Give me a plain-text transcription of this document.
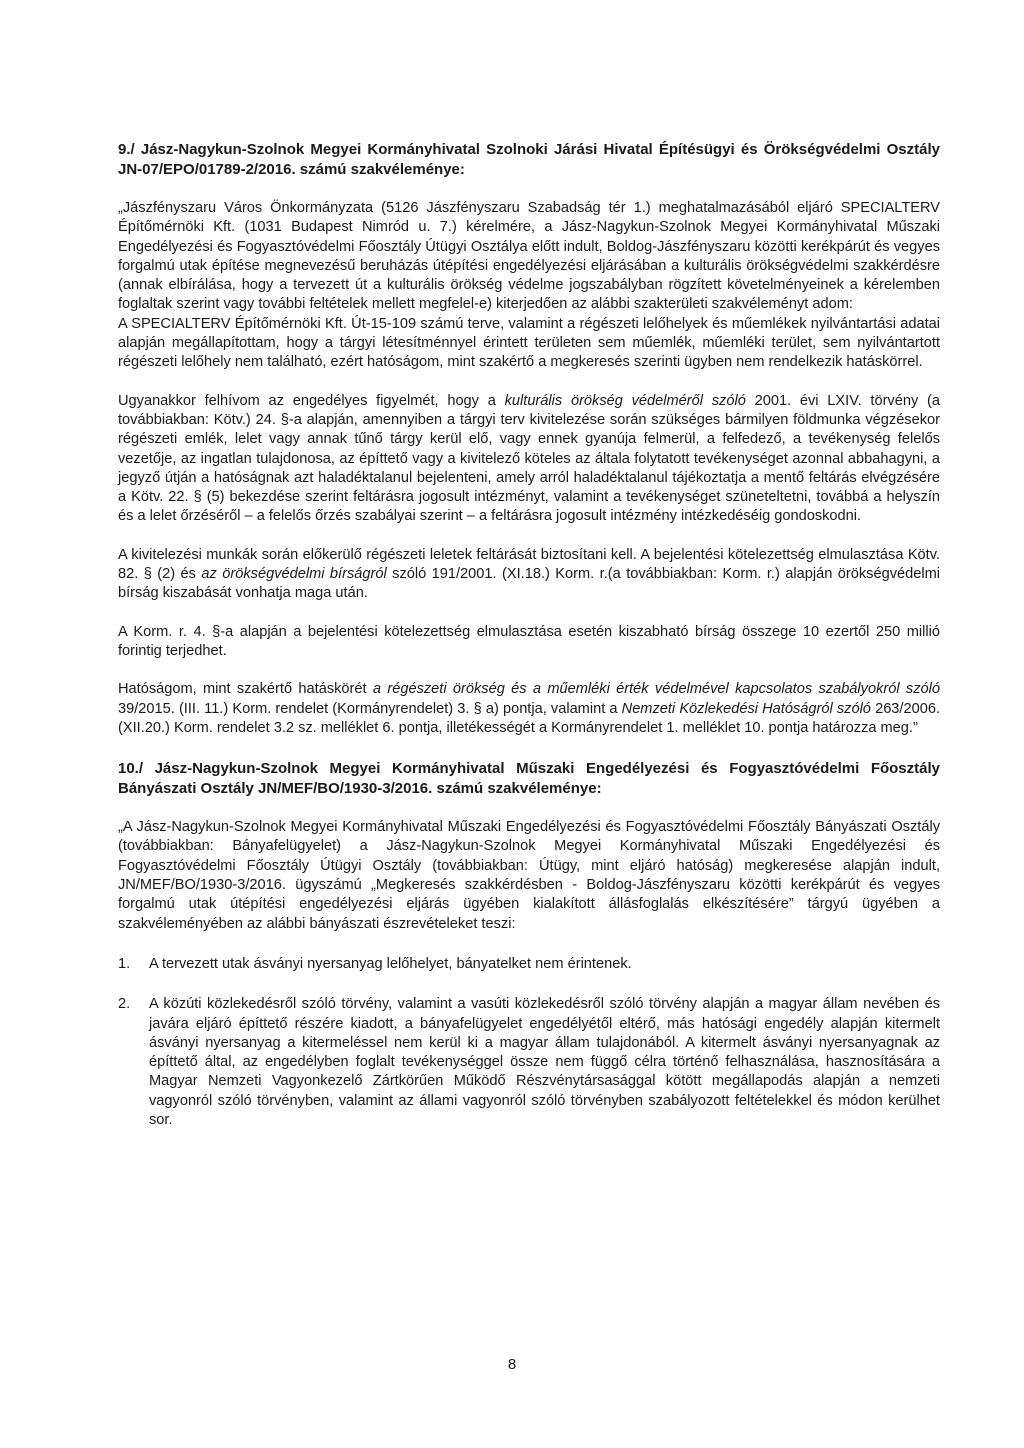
9./ Jász-Nagykun-Szolnok Megyei Kormányhivatal Szolnoki Járási Hivatal Építésügyi és Örökségvédelmi Osztály JN-07/EPO/01789-2/2016. számú szakvéleménye:

„Jászfényszaru Város Önkormányzata (5126 Jászfényszaru Szabadság tér 1.) meghatalmazásából eljáró SPECIALTERV Építőmérnöki Kft. (1031 Budapest Nimród u. 7.) kérelmére, a Jász-Nagykun-Szolnok Megyei Kormányhivatal Műszaki Engedélyezési és Fogyasztóvédelmi Főosztály Útügyi Osztálya előtt indult, Boldog-Jászfényszaru közötti kerékpárút és vegyes forgalmú utak építése megnevezésű beruházás útépítési engedélyezési eljárásában a kulturális örökségvédelmi szakkérdésre (annak elbírálása, hogy a tervezett út a kulturális örökség védelme jogszabályban rögzített követelményeinek a kérelemben foglaltak szerint vagy további feltételek mellett megfelel-e) kiterjedően az alábbi szakterületi szakvéleményt adom:
A SPECIALTERV Építőmérnöki Kft. Út-15-109 számú terve, valamint a régészeti lelőhelyek és műemlékek nyilvántartási adatai alapján megállapítottam, hogy a tárgyi létesítménnyel érintett területen sem műemlék, műemléki terület, sem nyilvántartott régészeti lelőhely nem található, ezért hatóságom, mint szakértő a megkeresés szerinti ügyben nem rendelkezik hatáskörrel.

Ugyanakkor felhívom az engedélyes figyelmét, hogy a kulturális örökség védelméről szóló 2001. évi LXIV. törvény (a továbbiakban: Kötv.) 24. §-a alapján, amennyiben a tárgyi terv kivitelezése során szükséges bármilyen földmunka végzésekor régészeti emlék, lelet vagy annak tűnő tárgy kerül elő, vagy ennek gyanúja felmerül, a felfedező, a tevékenység felelős vezetője, az ingatlan tulajdonosa, az építtető vagy a kivitelező köteles az általa folytatott tevékenységet azonnal abbahagyni, a jegyző útján a hatóságnak azt haladéktalanul bejelenteni, amely arról haladéktalanul tájékoztatja a mentő feltárás elvégzésére a Kötv. 22. § (5) bekezdése szerint feltárásra jogosult intézményt, valamint a tevékenységet szüneteltetni, továbbá a helyszín és a lelet őrzéséről – a felelős őrzés szabályai szerint – a feltárásra jogosult intézmény intézkedéséig gondoskodni.

A kivitelezési munkák során előkerülő régészeti leletek feltárását biztosítani kell. A bejelentési kötelezettség elmulasztása Kötv. 82. § (2) és az örökségvédelmi bírságról szóló 191/2001. (XI.18.) Korm. r.(a továbbiakban: Korm. r.) alapján örökségvédelmi bírság kiszabását vonhatja maga után.

A Korm. r. 4. §-a alapján a bejelentési kötelezettség elmulasztása esetén kiszabható bírság összege 10 ezertől 250 millió forintig terjedhet.

Hatóságom, mint szakértő hatáskörét a régészeti örökség és a műemléki érték védelmével kapcsolatos szabályokról szóló 39/2015. (III. 11.) Korm. rendelet (Kormányrendelet) 3. § a) pontja, valamint a Nemzeti Közlekedési Hatóságról szóló 263/2006. (XII.20.) Korm. rendelet 3.2 sz. melléklet 6. pontja, illetékességét a Kormányrendelet 1. melléklet 10. pontja határozza meg.”

10./ Jász-Nagykun-Szolnok Megyei Kormányhivatal Műszaki Engedélyezési és Fogyasztóvédelmi Főosztály Bányászati Osztály JN/MEF/BO/1930-3/2016. számú szakvéleménye:

„A Jász-Nagykun-Szolnok Megyei Kormányhivatal Műszaki Engedélyezési és Fogyasztóvédelmi Főosztály Bányászati Osztály (továbbiakban: Bányafelügyelet) a Jász-Nagykun-Szolnok Megyei Kormányhivatal Műszaki Engedélyezési és Fogyasztóvédelmi Főosztály Útügyi Osztály (továbbiakban: Útügy, mint eljáró hatóság) megkeresése alapján indult, JN/MEF/BO/1930-3/2016. ügyszámú „Megkeresés szakkérdésben - Boldog-Jászfényszaru közötti kerékpárút és vegyes forgalmú utak útépítési engedélyezési eljárás ügyében kialakított állásfoglalás elkészítésére” tárgyú ügyében a szakvéleményében az alábbi bányászati észrevételeket teszi:

1. A tervezett utak ásványi nyersanyag lelőhelyet, bányatelket nem érintenek.
2. A közúti közlekedésről szóló törvény, valamint a vasúti közlekedésről szóló törvény alapján a magyar állam nevében és javára eljáró építtető részére kiadott, a bányafelügyelet engedélyétől eltérő, más hatósági engedély alapján kitermelt ásványi nyersanyag a kitermeléssel nem kerül ki a magyar állam tulajdonából. A kitermelt ásványi nyersanyagnak az építtető által, az engedélyben foglalt tevékenységgel össze nem függő célra történő felhasználása, hasznosítására a Magyar Nemzeti Vagyonkezelő Zártkörűen Működő Részvénytársasággal kötött megállapodás alapján a nemzeti vagyonról szóló törvényben, valamint az állami vagyonról szóló törvényben szabályozott feltételekkel és módon kerülhet sor.
8
